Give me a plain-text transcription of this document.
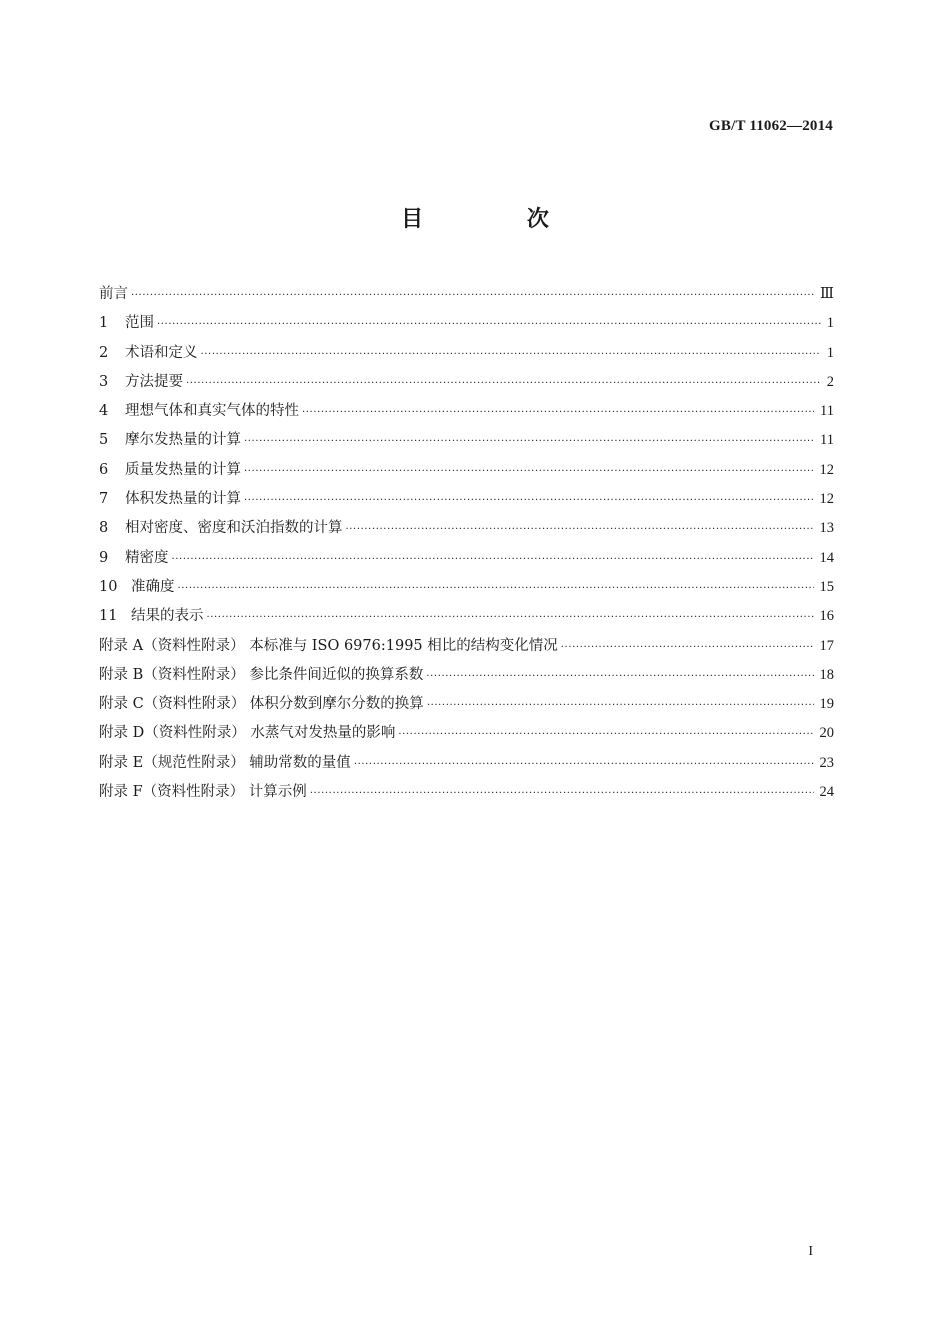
GB/T 11062—2014
目 次
前言 ·····	Ⅲ
1 范围 ·····	1
2 术语和定义 ·····	1
3 方法提要 ·····	2
4 理想气体和真实气体的特性 ·····	11
5 摩尔发热量的计算 ·····	11
6 质量发热量的计算 ·····	12
7 体积发热量的计算 ·····	12
8 相对密度、密度和沃泊指数的计算 ·····	13
9 精密度 ·····	14
10 准确度 ·····	15
11 结果的表示 ·····	16
附录 A（资料性附录） 本标准与 ISO 6976:1995 相比的结构变化情况 ·····	17
附录 B（资料性附录） 参比条件间近似的换算系数 ·····	18
附录 C（资料性附录） 体积分数到摩尔分数的换算 ·····	19
附录 D（资料性附录） 水蒸气对发热量的影响 ·····	20
附录 E（规范性附录） 辅助常数的量值 ·····	23
附录 F（资料性附录） 计算示例 ·····	24
I
